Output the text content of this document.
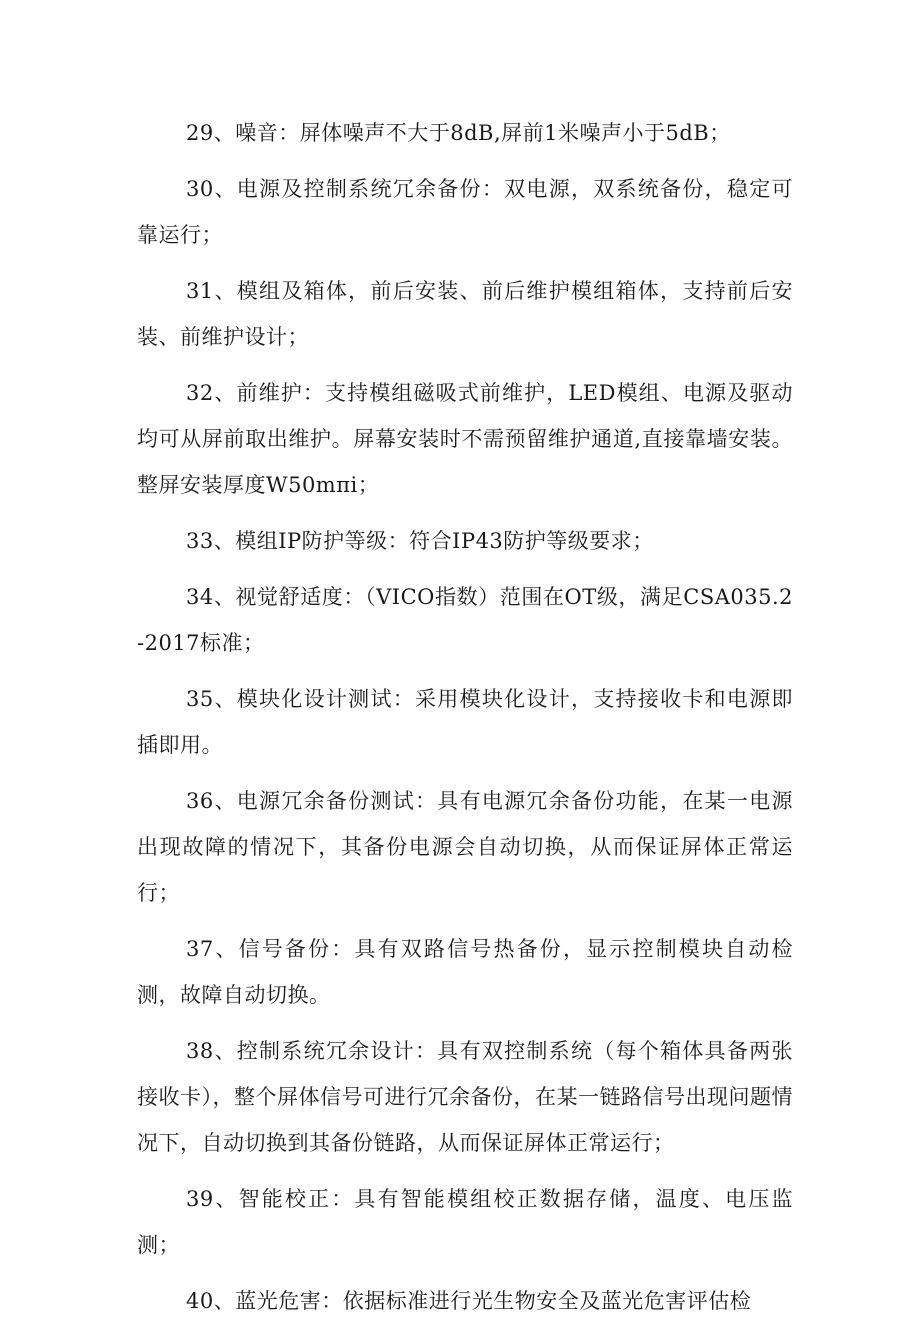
29、噪音：屏体噪声不大于8dB,屏前1米噪声小于5dB；

30、电源及控制系统冗余备份：双电源，双系统备份，稳定可靠运行；

31、模组及箱体，前后安装、前后维护模组箱体，支持前后安装、前维护设计；

32、前维护：支持模组磁吸式前维护，LED模组、电源及驱动均可从屏前取出维护。屏幕安装时不需预留维护通道,直接靠墙安装。整屏安装厚度W50mπi；

33、模组IP防护等级：符合IP43防护等级要求；

34、视觉舒适度：（VICO指数）范围在OT级，满足CSA035.2-2017标准；

35、模块化设计测试：采用模块化设计，支持接收卡和电源即插即用。

36、电源冗余备份测试：具有电源冗余备份功能，在某一电源出现故障的情况下，其备份电源会自动切换，从而保证屏体正常运行；

37、信号备份：具有双路信号热备份，显示控制模块自动检测，故障自动切换。

38、控制系统冗余设计：具有双控制系统（每个箱体具备两张接收卡），整个屏体信号可进行冗余备份，在某一链路信号出现问题情况下，自动切换到其备份链路，从而保证屏体正常运行；

39、智能校正：具有智能模组校正数据存储，温度、电压监测；

40、蓝光危害：依据标准进行光生物安全及蓝光危害评估检
